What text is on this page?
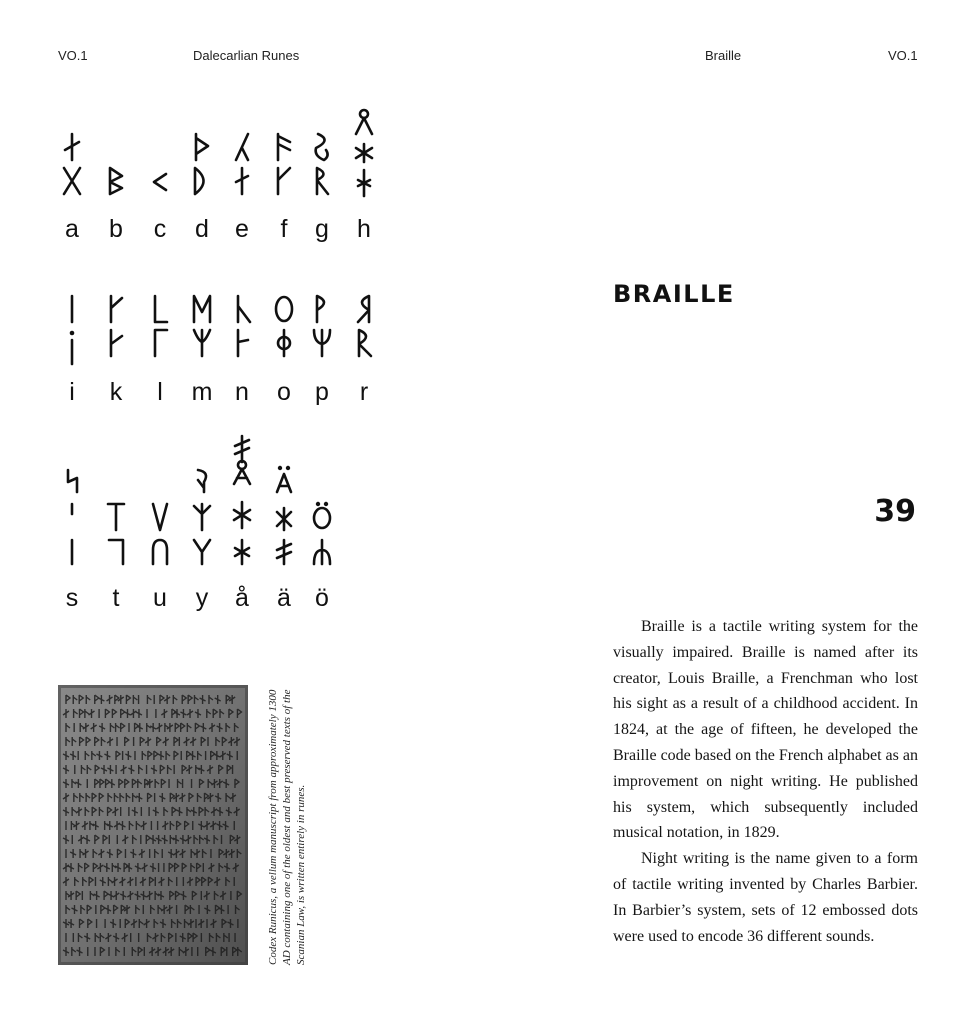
VO.1	Dalecarlian Runes	Braille	VO.1
a b c d e f g h
i k l m n o p r
s t u y å ä ö
Codex Runicus, a vellum manuscript from approximately 1300 AD containing one of the oldest and best preserved texts of the Scanian Law, is written entirely in runes.
BRAILLE
39

Braille is a tactile writing system for the visually impaired. Braille is named after its creator, Louis Braille, a Frenchman who lost his sight as a result of a childhood accident. In 1824, at the age of fifteen, he developed the Braille code based on the French alphabet as an improvement on night writing. He published his system, which subsequently included musical notation, in 1829.

Night writing is the name given to a form of tactile writing invented by Charles Barbier. In Barbier’s system, sets of 12 embossed dots were used to encode 36 different sounds.
